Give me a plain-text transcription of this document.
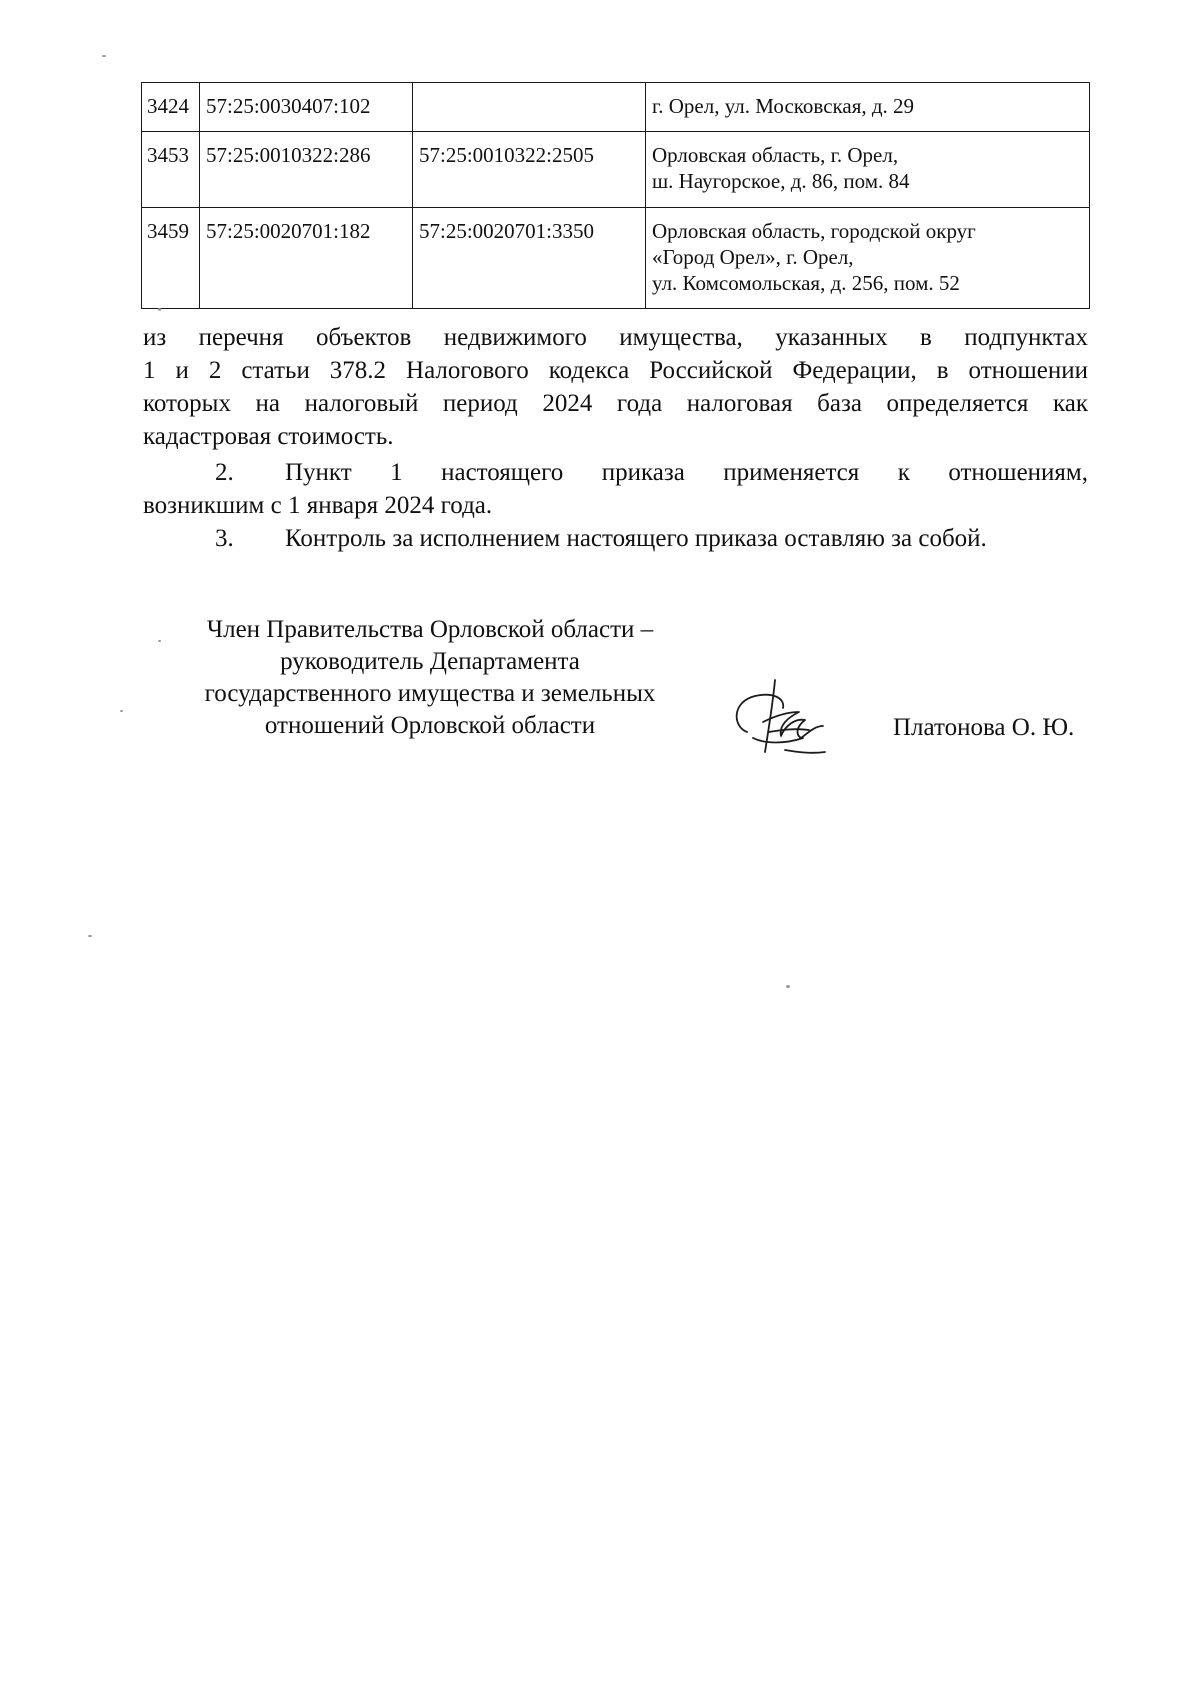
3424	57:25:0030407:102		г. Орел, ул. Московская, д. 29

3453	57:25:0010322:286	57:25:0010322:2505	Орловская область, г. Орел,
ш. Наугорское, д. 86, пом. 84

3459	57:25:0020701:182	57:25:0020701:3350	Орловская область, городской округ
«Город Орел», г. Орел,
ул. Комсомольская, д. 256, пом. 52
из перечня объектов недвижимого имущества, указанных в подпунктах
1 и 2 статьи 378.2 Налогового кодекса Российской Федерации, в отношении
которых на налоговый период 2024 года налоговая база определяется как
кадастровая стоимость.
2.	Пункт 1 настоящего приказа применяется к отношениям,
возникшим с 1 января 2024 года.
3.	Контроль за исполнением настоящего приказа оставляю за собой.
Член Правительства Орловской области –
руководитель Департамента
государственного имущества и земельных
отношений Орловской области	Платонова О. Ю.
